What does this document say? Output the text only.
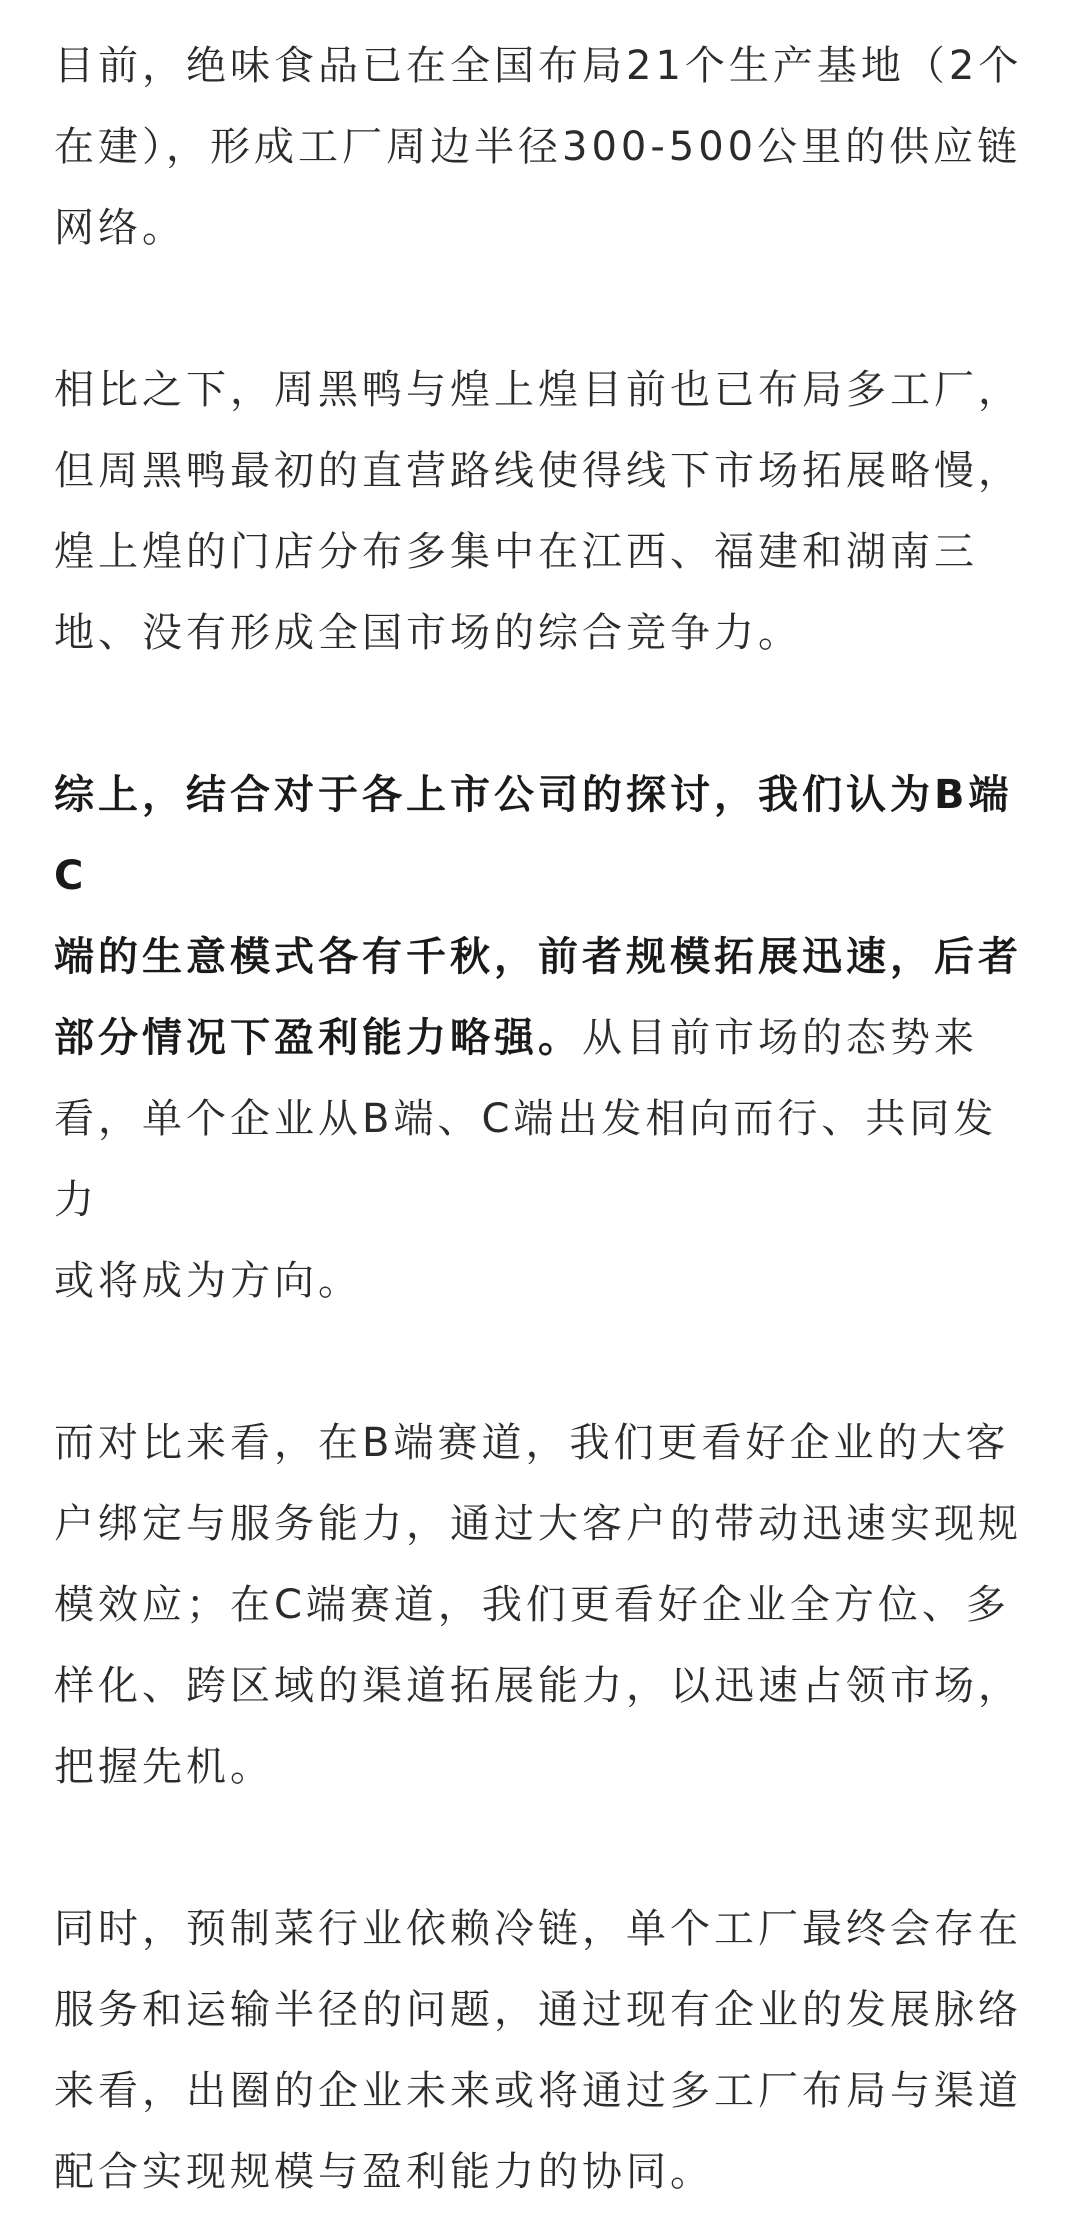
目前，绝味食品已在全国布局21个生产基地（2个
在建），形成工厂周边半径300-500公里的供应链
网络。

相比之下，周黑鸭与煌上煌目前也已布局多工厂，
但周黑鸭最初的直营路线使得线下市场拓展略慢，
煌上煌的门店分布多集中在江西、福建和湖南三
地、没有形成全国市场的综合竞争力。

综上，结合对于各上市公司的探讨，我们认为B端C
端的生意模式各有千秋，前者规模拓展迅速，后者
部分情况下盈利能力略强。从目前市场的态势来
看，单个企业从B端、C端出发相向而行、共同发力
或将成为方向。

而对比来看，在B端赛道，我们更看好企业的大客
户绑定与服务能力，通过大客户的带动迅速实现规
模效应；在C端赛道，我们更看好企业全方位、多
样化、跨区域的渠道拓展能力，以迅速占领市场，
把握先机。

同时，预制菜行业依赖冷链，单个工厂最终会存在
服务和运输半径的问题，通过现有企业的发展脉络
来看，出圈的企业未来或将通过多工厂布局与渠道
配合实现规模与盈利能力的协同。
